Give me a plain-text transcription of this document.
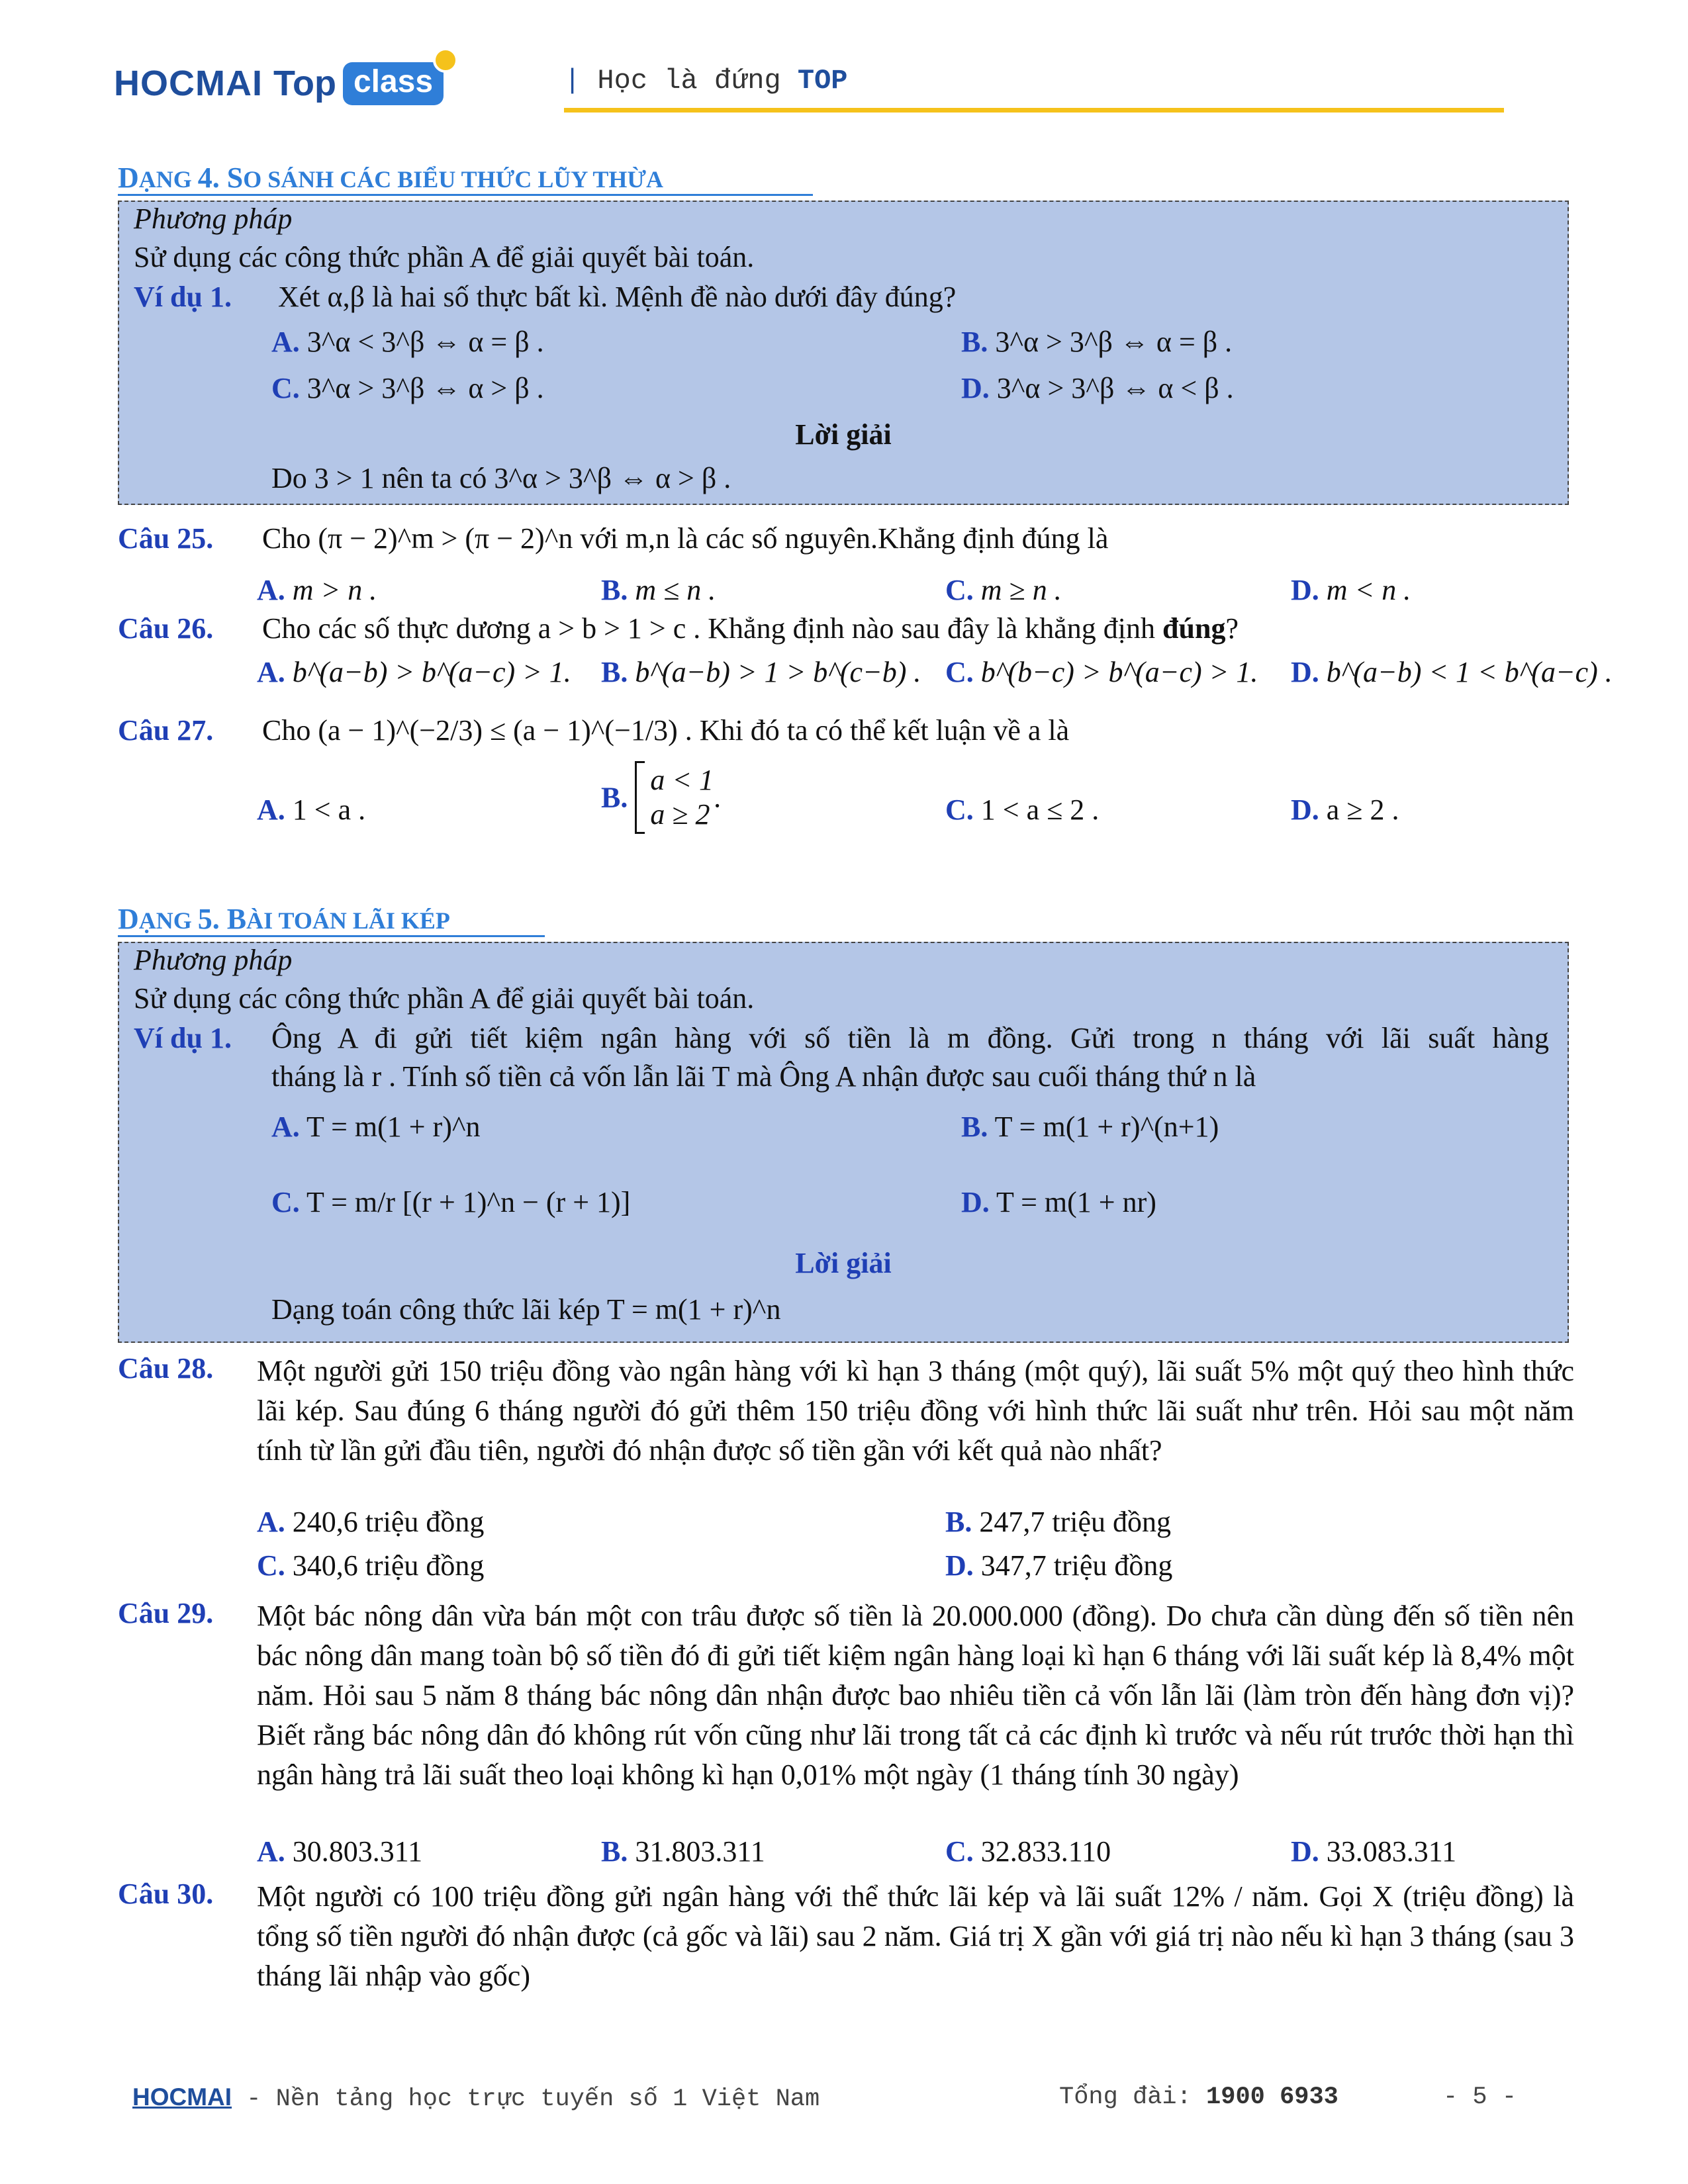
HOCMAI Top class	| Học là đứng TOP
DẠNG 4. SO SÁNH CÁC BIỂU THỨC LŨY THỪA
Phương pháp
Sử dụng các công thức phần A để giải quyết bài toán.
Ví dụ 1. Xét α,β là hai số thực bất kì. Mệnh đề nào dưới đây đúng?
A. 3^α < 3^β ⇔ α = β .	B. 3^α > 3^β ⇔ α = β .
C. 3^α > 3^β ⇔ α > β .	D. 3^α > 3^β ⇔ α < β .
Lời giải
Do 3 > 1 nên ta có 3^α > 3^β ⇔ α > β .
Câu 25. Cho (π − 2)^m > (π − 2)^n với m,n là các số nguyên.Khẳng định đúng là
A. m > n .	B. m ≤ n .	C. m ≥ n .	D. m < n .
Câu 26. Cho các số thực dương a > b > 1 > c . Khẳng định nào sau đây là khẳng định đúng?
A. b^(a−b) > b^(a−c) > 1. B. b^(a−b) > 1 > b^(c−b) . C. b^(b−c) > b^(a−c) > 1. D. b^(a−b) < 1 < b^(a−c) .
Câu 27. Cho (a − 1)^(−2/3) ≤ (a − 1)^(−1/3) . Khi đó ta có thể kết luận về a là
A. 1 < a .	B.
a < 1
a ≥ 2
.	C. 1 < a ≤ 2 .	D. a ≥ 2 .
DẠNG 5. BÀI TOÁN LÃI KÉP
Phương pháp
Sử dụng các công thức phần A để giải quyết bài toán.
Ví dụ 1. Ông A đi gửi tiết kiệm ngân hàng với số tiền là m đồng. Gửi trong n tháng với lãi suất hàng
tháng là r . Tính số tiền cả vốn lẫn lãi T mà Ông A nhận được sau cuối tháng thứ n là
A. T = m(1 + r)^n	B. T = m(1 + r)^(n+1)
C. T = m/r [(r + 1)^n − (r + 1)]	D. T = m(1 + nr)
Lời giải
Dạng toán công thức lãi kép T = m(1 + r)^n
Câu 28. Một người gửi 150 triệu đồng vào ngân hàng với kì hạn 3 tháng (một quý), lãi suất 5% một quý theo hình thức lãi kép. Sau đúng 6 tháng người đó gửi thêm 150 triệu đồng với hình thức lãi suất như trên. Hỏi sau một năm tính từ lần gửi đầu tiên, người đó nhận được số tiền gần với kết quả nào nhất?
A. 240,6 triệu đồng	B. 247,7 triệu đồng
C. 340,6 triệu đồng	D. 347,7 triệu đồng
Câu 29. Một bác nông dân vừa bán một con trâu được số tiền là 20.000.000 (đồng). Do chưa cần dùng đến số tiền nên bác nông dân mang toàn bộ số tiền đó đi gửi tiết kiệm ngân hàng loại kì hạn 6 tháng với lãi suất kép là 8,4% một năm. Hỏi sau 5 năm 8 tháng bác nông dân nhận được bao nhiêu tiền cả vốn lẫn lãi (làm tròn đến hàng đơn vị)? Biết rằng bác nông dân đó không rút vốn cũng như lãi trong tất cả các định kì trước và nếu rút trước thời hạn thì ngân hàng trả lãi suất theo loại không kì hạn 0,01% một ngày (1 tháng tính 30 ngày)
A. 30.803.311	B. 31.803.311	C. 32.833.110	D. 33.083.311
Câu 30. Một người có 100 triệu đồng gửi ngân hàng với thể thức lãi kép và lãi suất 12% / năm. Gọi X (triệu đồng) là tổng số tiền người đó nhận được (cả gốc và lãi) sau 2 năm. Giá trị X gần với giá trị nào nếu kì hạn 3 tháng (sau 3 tháng lãi nhập vào gốc)
HOCMAI - Nền tảng học trực tuyến số 1 Việt Nam	Tổng đài: 1900 6933	- 5 -
